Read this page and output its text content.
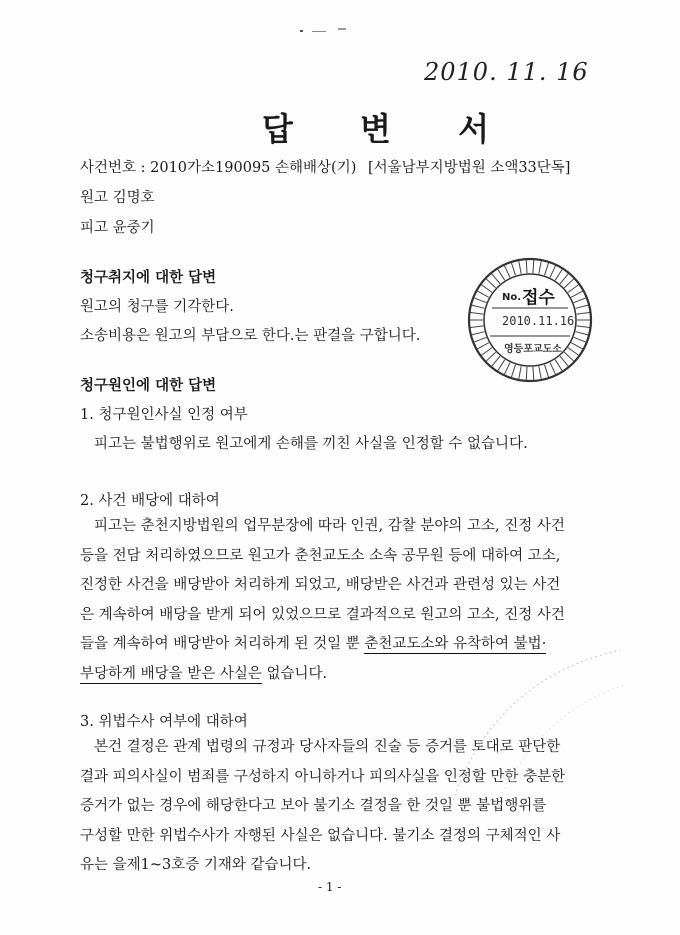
2010. 11. 16
답 변 서
사건번호 : 2010가소190095 손해배상(기) [서울남부지방법원 소액33단독]
원고 김명호
피고 윤중기
청구취지에 대한 답변
원고의 청구를 기각한다.
소송비용은 원고의 부담으로 한다.는 판결을 구합니다.
청구원인에 대한 답변
1. 청구원인사실 인정 여부
피고는 불법행위로 원고에게 손해를 끼친 사실을 인정할 수 없습니다.
2. 사건 배당에 대하여
피고는 춘천지방법원의 업무분장에 따라 인권, 감찰 분야의 고소, 진정 사건
등을 전담 처리하였으므로 원고가 춘천교도소 소속 공무원 등에 대하여 고소,
진정한 사건을 배당받아 처리하게 되었고, 배당받은 사건과 관련성 있는 사건
은 계속하여 배당을 받게 되어 있었으므로 결과적으로 원고의 고소, 진정 사건
들을 계속하여 배당받아 처리하게 된 것일 뿐 춘천교도소와 유착하여 불법·
부당하게 배당을 받은 사실은 없습니다.
3. 위법수사 여부에 대하여
본건 결정은 관계 법령의 규정과 당사자들의 진술 등 증거를 토대로 판단한
결과 피의사실이 범죄를 구성하지 아니하거나 피의사실을 인정할 만한 충분한
증거가 없는 경우에 해당한다고 보아 불기소 결정을 한 것일 뿐 불법행위를
구성할 만한 위법수사가 자행된 사실은 없습니다. 불기소 결정의 구체적인 사
유는 을제1~3호증 기재와 같습니다.
No. 접수
2010.11.16
영등포교도소
- 1 -
